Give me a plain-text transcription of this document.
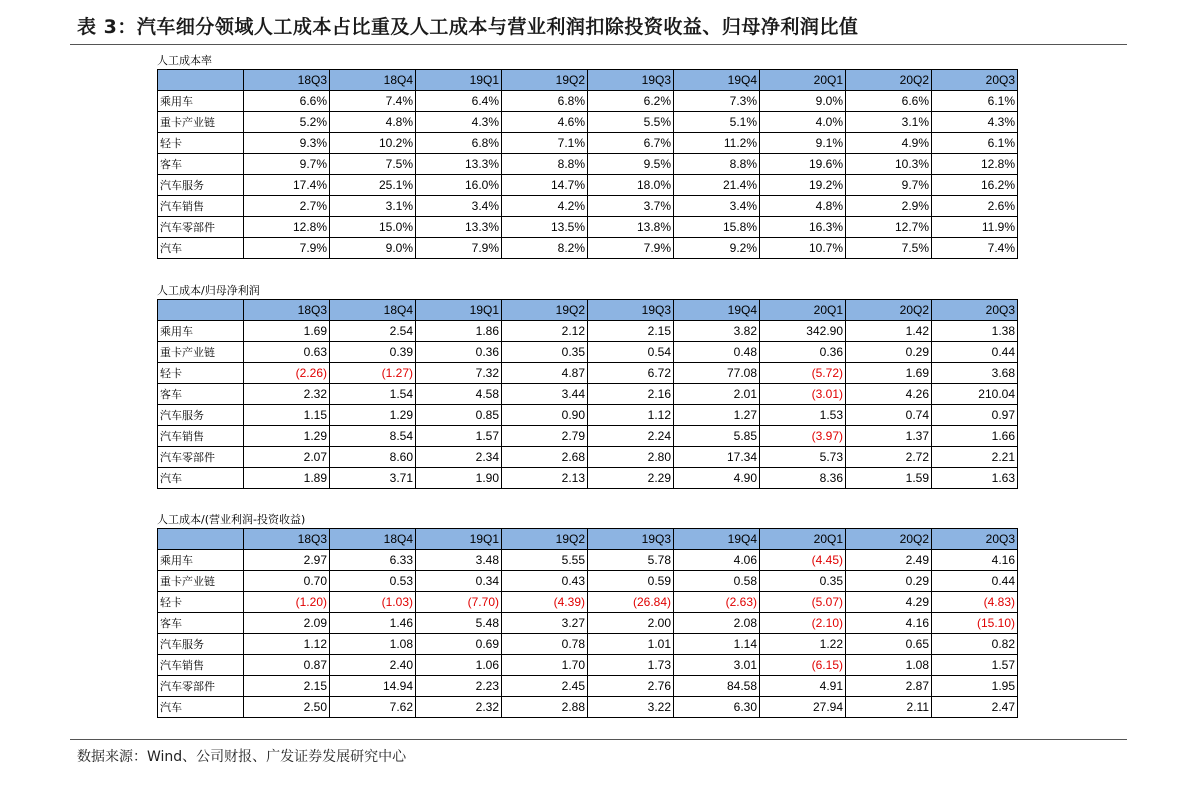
表 3：汽车细分领域人工成本占比重及人工成本与营业利润扣除投资收益、归母净利润比值
人工成本率
	18Q3	18Q4	19Q1	19Q2	19Q3	19Q4	20Q1	20Q2	20Q3
乘用车	6.6%	7.4%	6.4%	6.8%	6.2%	7.3%	9.0%	6.6%	6.1%
重卡产业链	5.2%	4.8%	4.3%	4.6%	5.5%	5.1%	4.0%	3.1%	4.3%
轻卡	9.3%	10.2%	6.8%	7.1%	6.7%	11.2%	9.1%	4.9%	6.1%
客车	9.7%	7.5%	13.3%	8.8%	9.5%	8.8%	19.6%	10.3%	12.8%
汽车服务	17.4%	25.1%	16.0%	14.7%	18.0%	21.4%	19.2%	9.7%	16.2%
汽车销售	2.7%	3.1%	3.4%	4.2%	3.7%	3.4%	4.8%	2.9%	2.6%
汽车零部件	12.8%	15.0%	13.3%	13.5%	13.8%	15.8%	16.3%	12.7%	11.9%
汽车	7.9%	9.0%	7.9%	8.2%	7.9%	9.2%	10.7%	7.5%	7.4%
人工成本/归母净利润
	18Q3	18Q4	19Q1	19Q2	19Q3	19Q4	20Q1	20Q2	20Q3
乘用车	1.69	2.54	1.86	2.12	2.15	3.82	342.90	1.42	1.38
重卡产业链	0.63	0.39	0.36	0.35	0.54	0.48	0.36	0.29	0.44
轻卡	(2.26)	(1.27)	7.32	4.87	6.72	77.08	(5.72)	1.69	3.68
客车	2.32	1.54	4.58	3.44	2.16	2.01	(3.01)	4.26	210.04
汽车服务	1.15	1.29	0.85	0.90	1.12	1.27	1.53	0.74	0.97
汽车销售	1.29	8.54	1.57	2.79	2.24	5.85	(3.97)	1.37	1.66
汽车零部件	2.07	8.60	2.34	2.68	2.80	17.34	5.73	2.72	2.21
汽车	1.89	3.71	1.90	2.13	2.29	4.90	8.36	1.59	1.63
人工成本/(营业利润-投资收益)
	18Q3	18Q4	19Q1	19Q2	19Q3	19Q4	20Q1	20Q2	20Q3
乘用车	2.97	6.33	3.48	5.55	5.78	4.06	(4.45)	2.49	4.16
重卡产业链	0.70	0.53	0.34	0.43	0.59	0.58	0.35	0.29	0.44
轻卡	(1.20)	(1.03)	(7.70)	(4.39)	(26.84)	(2.63)	(5.07)	4.29	(4.83)
客车	2.09	1.46	5.48	3.27	2.00	2.08	(2.10)	4.16	(15.10)
汽车服务	1.12	1.08	0.69	0.78	1.01	1.14	1.22	0.65	0.82
汽车销售	0.87	2.40	1.06	1.70	1.73	3.01	(6.15)	1.08	1.57
汽车零部件	2.15	14.94	2.23	2.45	2.76	84.58	4.91	2.87	1.95
汽车	2.50	7.62	2.32	2.88	3.22	6.30	27.94	2.11	2.47
数据来源：Wind、公司财报、广发证券发展研究中心
